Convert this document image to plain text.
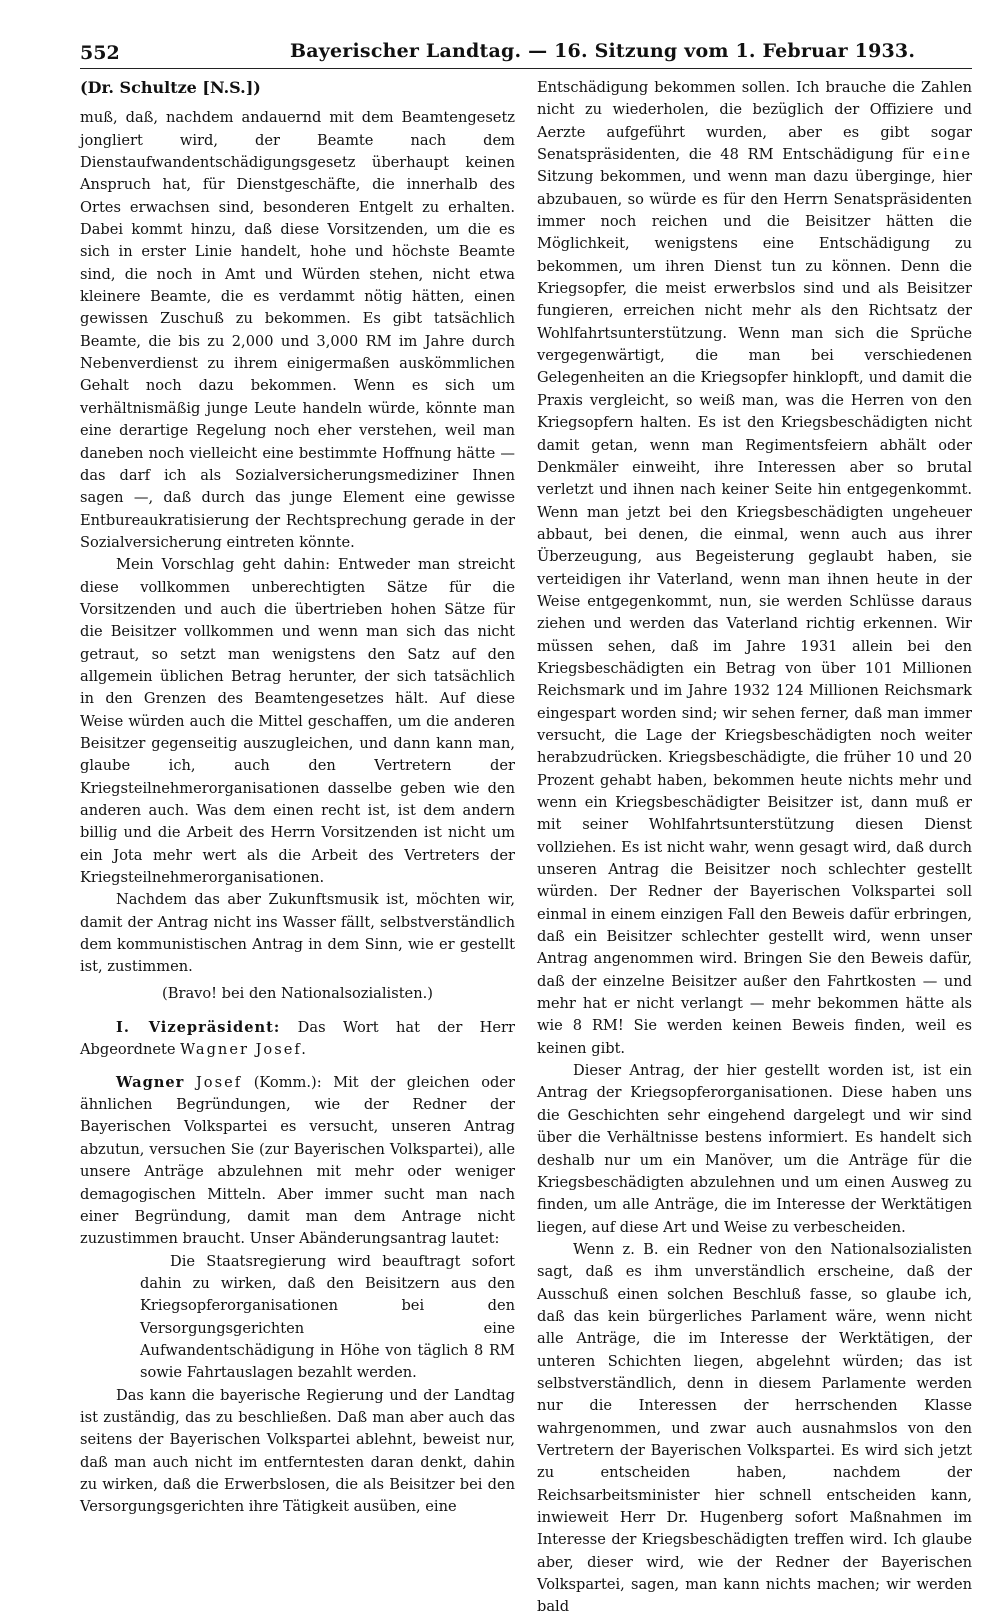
552	Bayerischer Landtag. — 16. Sitzung vom 1. Februar 1933.
(Dr. Schultze [N.S.])

muß, daß, nachdem andauernd mit dem Beamtengesetz jongliert wird, der Beamte nach dem Dienstaufwandentschädigungsgesetz überhaupt keinen Anspruch hat, für Dienstgeschäfte, die innerhalb des Ortes erwachsen sind, besonderen Entgelt zu erhalten. Dabei kommt hinzu, daß diese Vorsitzenden, um die es sich in erster Linie handelt, hohe und höchste Beamte sind, die noch in Amt und Würden stehen, nicht etwa kleinere Beamte, die es verdammt nötig hätten, einen gewissen Zuschuß zu bekommen. Es gibt tatsächlich Beamte, die bis zu 2,000 und 3,000 RM im Jahre durch Nebenverdienst zu ihrem einigermaßen auskömmlichen Gehalt noch dazu bekommen. Wenn es sich um verhältnismäßig junge Leute handeln würde, könnte man eine derartige Regelung noch eher verstehen, weil man daneben noch vielleicht eine bestimmte Hoffnung hätte — das darf ich als Sozialversicherungsmediziner Ihnen sagen —, daß durch das junge Element eine gewisse Entbureaukratisierung der Rechtsprechung gerade in der Sozialversicherung eintreten könnte.

Mein Vorschlag geht dahin: Entweder man streicht diese vollkommen unberechtigten Sätze für die Vorsitzenden und auch die übertrieben hohen Sätze für die Beisitzer vollkommen und wenn man sich das nicht getraut, so setzt man wenigstens den Satz auf den allgemein üblichen Betrag herunter, der sich tatsächlich in den Grenzen des Beamtengesetzes hält. Auf diese Weise würden auch die Mittel geschaffen, um die anderen Beisitzer gegenseitig auszugleichen, und dann kann man, glaube ich, auch den Vertretern der Kriegsteilnehmerorganisationen dasselbe geben wie den anderen auch. Was dem einen recht ist, ist dem andern billig und die Arbeit des Herrn Vorsitzenden ist nicht um ein Jota mehr wert als die Arbeit des Vertreters der Kriegsteilnehmerorganisationen.

Nachdem das aber Zukunftsmusik ist, möchten wir, damit der Antrag nicht ins Wasser fällt, selbstverständlich dem kommunistischen Antrag in dem Sinn, wie er gestellt ist, zustimmen.

(Bravo! bei den Nationalsozialisten.)

I. Vizepräsident: Das Wort hat der Herr Abgeordnete Wagner Josef.

Wagner Josef (Komm.): Mit der gleichen oder ähnlichen Begründungen, wie der Redner der Bayerischen Volkspartei es versucht, unseren Antrag abzutun, versuchen Sie (zur Bayerischen Volkspartei), alle unsere Anträge abzulehnen mit mehr oder weniger demagogischen Mitteln. Aber immer sucht man nach einer Begründung, damit man dem Antrage nicht zuzustimmen braucht. Unser Abänderungsantrag lautet:

Die Staatsregierung wird beauftragt sofort dahin zu wirken, daß den Beisitzern aus den Kriegsopferorganisationen bei den Versorgungsgerichten eine Aufwandentschädigung in Höhe von täglich 8 RM sowie Fahrtauslagen bezahlt werden.

Das kann die bayerische Regierung und der Landtag ist zuständig, das zu beschließen. Daß man aber auch das seitens der Bayerischen Volkspartei ablehnt, beweist nur, daß man auch nicht im entferntesten daran denkt, dahin zu wirken, daß die Erwerbslosen, die als Beisitzer bei den Versorgungsgerichten ihre Tätigkeit ausüben, eine

Entschädigung bekommen sollen. Ich brauche die Zahlen nicht zu wiederholen, die bezüglich der Offiziere und Aerzte aufgeführt wurden, aber es gibt sogar Senatspräsidenten, die 48 RM Entschädigung für eine Sitzung bekommen, und wenn man dazu überginge, hier abzubauen, so würde es für den Herrn Senatspräsidenten immer noch reichen und die Beisitzer hätten die Möglichkeit, wenigstens eine Entschädigung zu bekommen, um ihren Dienst tun zu können. Denn die Kriegsopfer, die meist erwerbslos sind und als Beisitzer fungieren, erreichen nicht mehr als den Richtsatz der Wohlfahrtsunterstützung. Wenn man sich die Sprüche vergegenwärtigt, die man bei verschiedenen Gelegenheiten an die Kriegsopfer hinklopft, und damit die Praxis vergleicht, so weiß man, was die Herren von den Kriegsopfern halten. Es ist den Kriegsbeschädigten nicht damit getan, wenn man Regimentsfeiern abhält oder Denkmäler einweiht, ihre Interessen aber so brutal verletzt und ihnen nach keiner Seite hin entgegenkommt. Wenn man jetzt bei den Kriegsbeschädigten ungeheuer abbaut, bei denen, die einmal, wenn auch aus ihrer Überzeugung, aus Begeisterung geglaubt haben, sie verteidigen ihr Vaterland, wenn man ihnen heute in der Weise entgegenkommt, nun, sie werden Schlüsse daraus ziehen und werden das Vaterland richtig erkennen. Wir müssen sehen, daß im Jahre 1931 allein bei den Kriegsbeschädigten ein Betrag von über 101 Millionen Reichsmark und im Jahre 1932 124 Millionen Reichsmark eingespart worden sind; wir sehen ferner, daß man immer versucht, die Lage der Kriegsbeschädigten noch weiter herabzudrücken. Kriegsbeschädigte, die früher 10 und 20 Prozent gehabt haben, bekommen heute nichts mehr und wenn ein Kriegsbeschädigter Beisitzer ist, dann muß er mit seiner Wohlfahrtsunterstützung diesen Dienst vollziehen. Es ist nicht wahr, wenn gesagt wird, daß durch unseren Antrag die Beisitzer noch schlechter gestellt würden. Der Redner der Bayerischen Volkspartei soll einmal in einem einzigen Fall den Beweis dafür erbringen, daß ein Beisitzer schlechter gestellt wird, wenn unser Antrag angenommen wird. Bringen Sie den Beweis dafür, daß der einzelne Beisitzer außer den Fahrtkosten — und mehr hat er nicht verlangt — mehr bekommen hätte als wie 8 RM! Sie werden keinen Beweis finden, weil es keinen gibt.

Dieser Antrag, der hier gestellt worden ist, ist ein Antrag der Kriegsopferorganisationen. Diese haben uns die Geschichten sehr eingehend dargelegt und wir sind über die Verhältnisse bestens informiert. Es handelt sich deshalb nur um ein Manöver, um die Anträge für die Kriegsbeschädigten abzulehnen und um einen Ausweg zu finden, um alle Anträge, die im Interesse der Werktätigen liegen, auf diese Art und Weise zu verbescheiden.

Wenn z. B. ein Redner von den Nationalsozialisten sagt, daß es ihm unverständlich erscheine, daß der Ausschuß einen solchen Beschluß fasse, so glaube ich, daß das kein bürgerliches Parlament wäre, wenn nicht alle Anträge, die im Interesse der Werktätigen, der unteren Schichten liegen, abgelehnt würden; das ist selbstverständlich, denn in diesem Parlamente werden nur die Interessen der herrschenden Klasse wahrgenommen, und zwar auch ausnahmslos von den Vertretern der Bayerischen Volkspartei. Es wird sich jetzt zu entscheiden haben, nachdem der Reichsarbeitsminister hier schnell entscheiden kann, inwieweit Herr Dr. Hugenberg sofort Maßnahmen im Interesse der Kriegsbeschädigten treffen wird. Ich glaube aber, dieser wird, wie der Redner der Bayerischen Volkspartei, sagen, man kann nichts machen; wir werden bald
